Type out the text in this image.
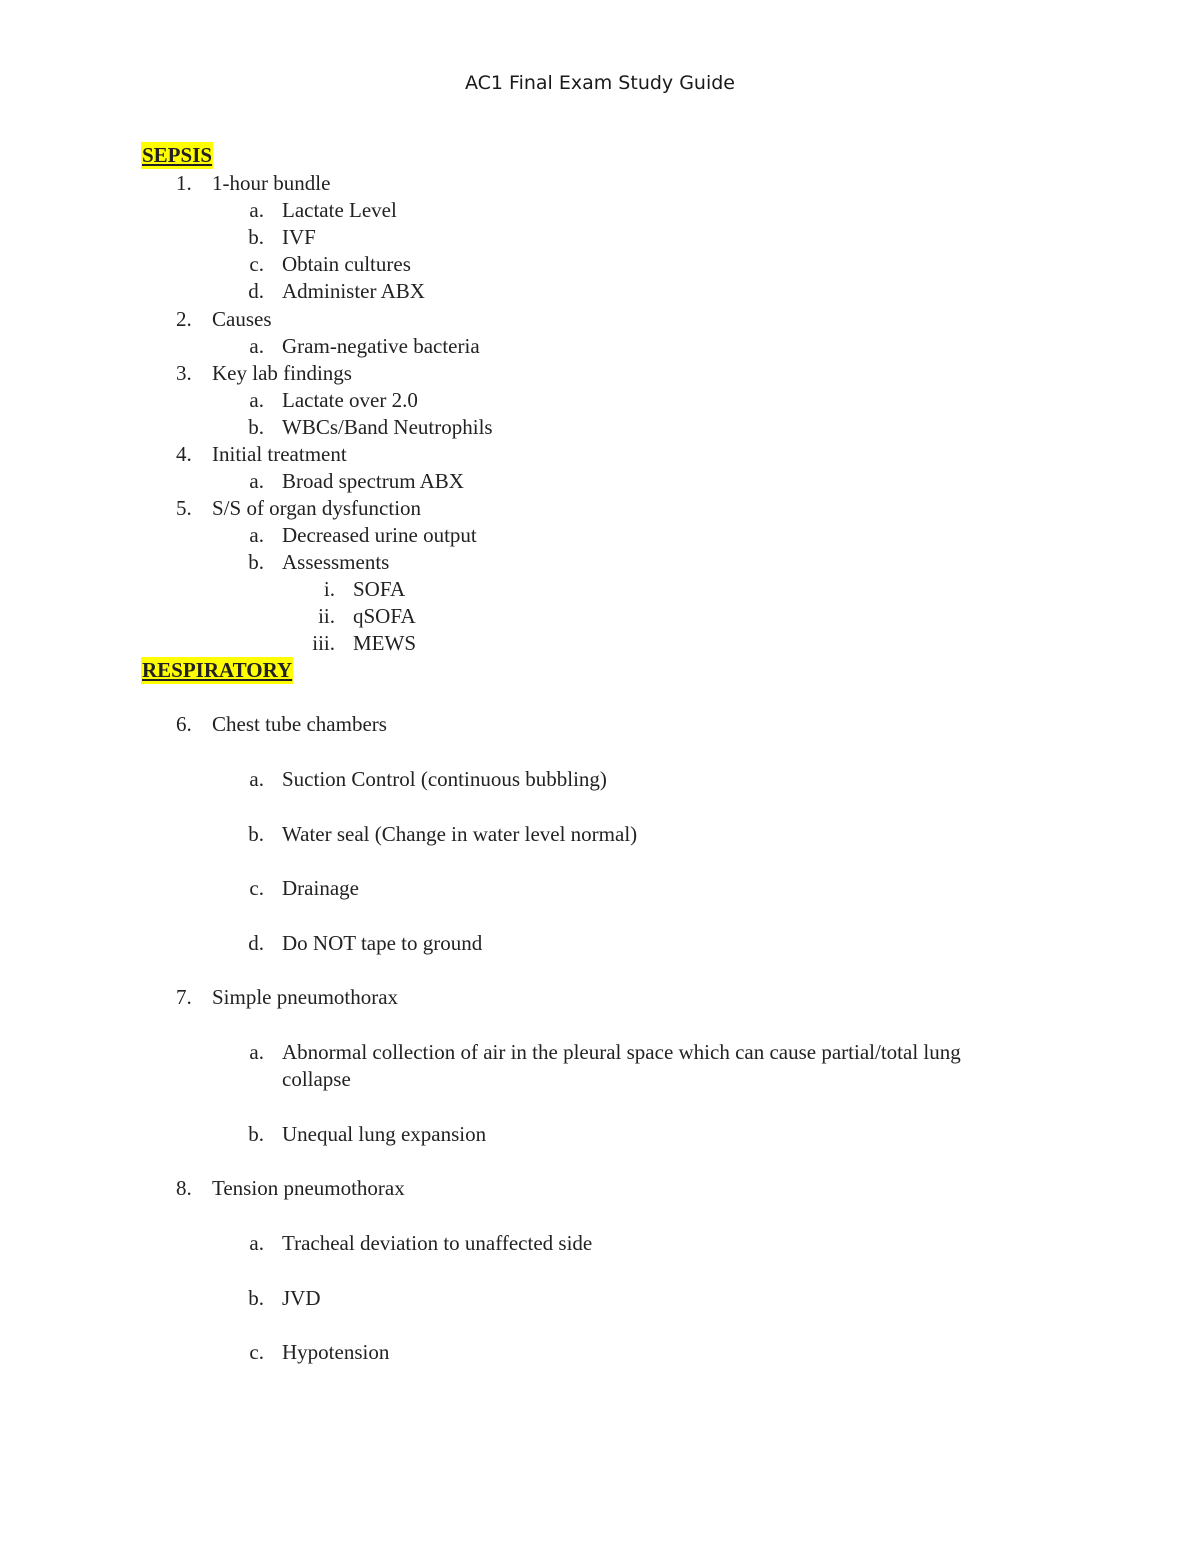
AC1 Final Exam Study Guide
SEPSIS
1. 1-hour bundle
a. Lactate Level
b. IVF
c. Obtain cultures
d. Administer ABX
2. Causes
a. Gram-negative bacteria
3. Key lab findings
a. Lactate over 2.0
b. WBCs/Band Neutrophils
4. Initial treatment
a. Broad spectrum ABX
5. S/S of organ dysfunction
a. Decreased urine output
b. Assessments
i. SOFA
ii. qSOFA
iii. MEWS
RESPIRATORY
6. Chest tube chambers
a. Suction Control (continuous bubbling)
b. Water seal (Change in water level normal)
c. Drainage
d. Do NOT tape to ground
7. Simple pneumothorax
a. Abnormal collection of air in the pleural space which can cause partial/total lung
collapse
b. Unequal lung expansion
8. Tension pneumothorax
a. Tracheal deviation to unaffected side
b. JVD
c. Hypotension
